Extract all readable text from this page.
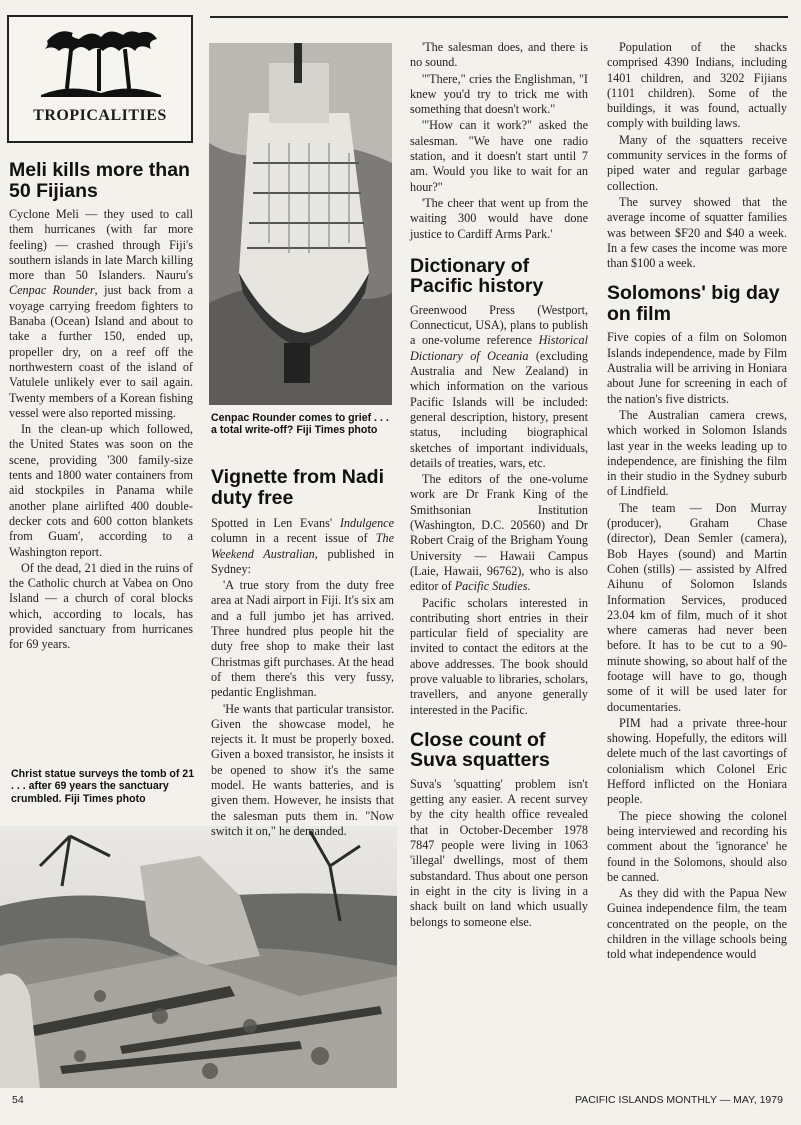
TROPICALITIES
Meli kills more than 50 Fijians

Cyclone Meli — they used to call them hurricanes (with far more feeling) — crashed through Fiji's southern islands in late March killing more than 50 Islanders. Nauru's Cenpac Rounder, just back from a voyage carrying freedom fighters to Banaba (Ocean) Island and about to take a further 150, ended up, propeller dry, on a reef off the northwestern coast of the island of Vatulele unlikely ever to sail again. Twenty members of a Korean fishing vessel were also reported missing.

In the clean-up which followed, the United States was soon on the scene, providing '300 family-size tents and 1800 water containers from aid stockpiles in Panama while another plane airlifted 400 double-decker cots and 600 cotton blankets from Guam', according to a Washington report.

Of the dead, 21 died in the ruins of the Catholic church at Vabea on Ono Island — a church of coral blocks which, according to locals, has provided sanctuary from hurricanes for 69 years.

Christ statue surveys the tomb of 21 . . . after 69 years the sanctuary crumbled. Fiji Times photo
Cenpac Rounder comes to grief . . . a total write-off? Fiji Times photo
Vignette from Nadi duty free

Spotted in Len Evans' Indulgence column in a recent issue of The Weekend Australian, published in Sydney:

'A true story from the duty free area at Nadi airport in Fiji. It's six am and a full jumbo jet has arrived. Three hundred plus people hit the duty free shop to make their last Christmas gift purchases. At the head of them there's this very fussy, pedantic Englishman.

'He wants that particular transistor. Given the showcase model, he rejects it. It must be properly boxed. Given a boxed transistor, he insists it be opened to show it's the same model. He wants batteries, and is given them. However, he insists that the salesman puts them in. "Now switch it on," he demanded.

'The salesman does, and there is no sound.

'"There," cries the Englishman, "I knew you'd try to trick me with something that doesn't work."

'"How can it work?" asked the salesman. "We have one radio station, and it doesn't start until 7 am. Would you like to wait for an hour?"

'The cheer that went up from the waiting 300 would have done justice to Cardiff Arms Park.'

Dictionary of Pacific history

Greenwood Press (Westport, Connecticut, USA), plans to publish a one-volume reference Historical Dictionary of Oceania (excluding Australia and New Zealand) in which information on the various Pacific Islands will be included: general description, history, present status, including biographical sketches of important individuals, details of treaties, wars, etc.

The editors of the one-volume work are Dr Frank King of the Smithsonian Institution (Washington, D.C. 20560) and Dr Robert Craig of the Brigham Young University — Hawaii Campus (Laie, Hawaii, 96762), who is also editor of Pacific Studies.

Pacific scholars interested in contributing short entries in their particular field of speciality are invited to contact the editors at the above addresses. The book should prove valuable to libraries, scholars, travellers, and anyone generally interested in the Pacific.

Close count of Suva squatters

Suva's 'squatting' problem isn't getting any easier. A recent survey by the city health office revealed that in October-December 1978 7847 people were living in 1063 'illegal' dwellings, most of them substandard. Thus about one person in eight in the city is living in a shack built on land which usually belongs to someone else.

Population of the shacks comprised 4390 Indians, including 1401 children, and 3202 Fijians (1101 children). Some of the buildings, it was found, actually comply with building laws.

Many of the squatters receive community services in the forms of piped water and regular garbage collection.

The survey showed that the average income of squatter families was between $F20 and $40 a week. In a few cases the income was more than $100 a week.

Solomons' big day on film

Five copies of a film on Solomon Islands independence, made by Film Australia will be arriving in Honiara about June for screening in each of the nation's five districts.

The Australian camera crews, which worked in Solomon Islands last year in the weeks leading up to independence, are finishing the film in their studio in the Sydney suburb of Lindfield.

The team — Don Murray (producer), Graham Chase (director), Dean Semler (camera), Bob Hayes (sound) and Martin Cohen (stills) — assisted by Alfred Aihunu of Solomon Islands Information Services, produced 23.04 km of film, much of it shot where cameras had never been before. It has to be cut to a 90-minute showing, so about half of the footage will have to go, though some of it will be used later for documentaries.

PIM had a private three-hour showing. Hopefully, the editors will delete much of the last cavortings of colonialism which Colonel Eric Hefford inflicted on the Honiara people.

The piece showing the colonel being interviewed and recording his comment about the 'ignorance' he found in the Solomons, should also be canned.

As they did with the Papua New Guinea independence film, the team concentrated on the people, on the children in the village schools being told what independence would

54	PACIFIC ISLANDS MONTHLY — MAY, 1979
